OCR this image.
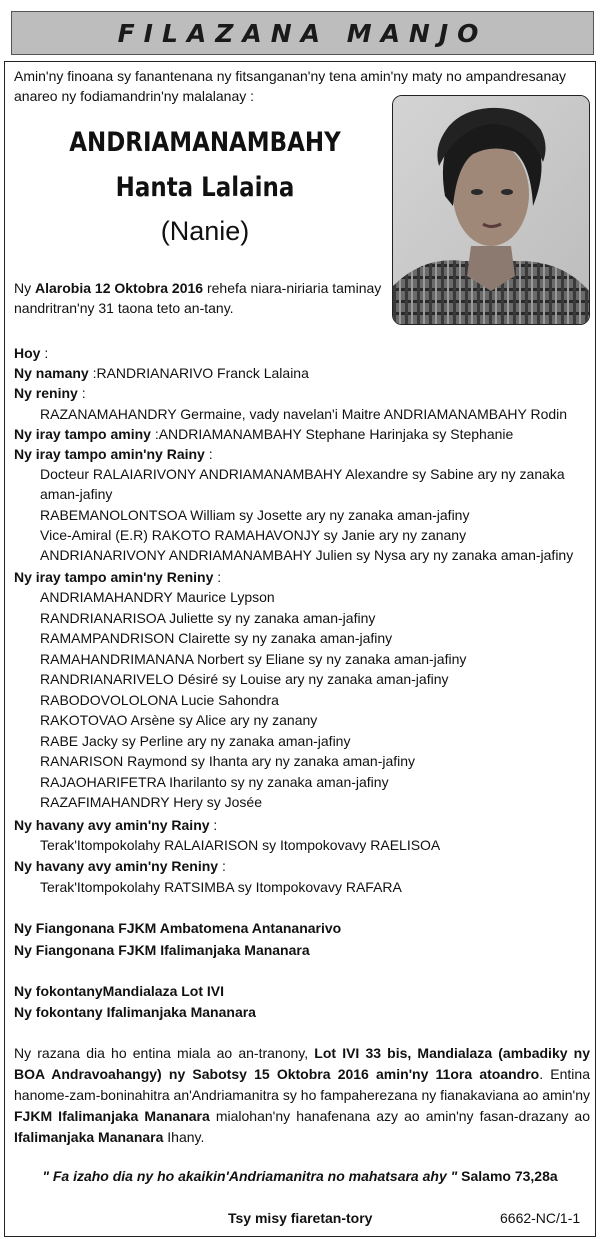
FILAZANA MANJO
Amin'ny finoana sy fanantenana ny fitsanganan'ny tena amin'ny maty no ampandresanay
anareo ny fodiamandrin'ny malalanay :
ANDRIAMANAMBAHY
Hanta Lalaina
(Nanie)
Ny Alarobia 12 Oktobra 2016 rehefa niara-niriaria taminay
nandritran'ny 31 taona teto an-tany.
Hoy :
Ny namany :RANDRIANARIVO Franck Lalaina
Ny reniny :
RAZANAMAHANDRY Germaine, vady navelan'i Maitre ANDRIAMANAMBAHY Rodin
Ny iray tampo aminy :ANDRIAMANAMBAHY Stephane Harinjaka sy Stephanie
Ny iray tampo amin'ny Rainy :
Docteur RALAIARIVONY ANDRIAMANAMBAHY Alexandre sy Sabine ary ny zanaka
aman-jafiny
RABEMANOLONTSOA William sy Josette ary ny zanaka aman-jafiny
Vice-Amiral (E.R) RAKOTO RAMAHAVONJY sy Janie ary ny zanany
ANDRIANARIVONY ANDRIAMANAMBAHY Julien sy Nysa ary ny zanaka aman-jafiny
Ny iray tampo amin'ny Reniny :
ANDRIAMAHANDRY Maurice Lypson
RANDRIANARISOA Juliette sy ny zanaka aman-jafiny
RAMAMPANDRISON Clairette sy ny zanaka aman-jafiny
RAMAHANDRIMANANA Norbert sy Eliane sy ny zanaka aman-jafiny
RANDRIANARIVELO Désiré sy Louise ary ny zanaka aman-jafiny
RABODOVOLOLONA Lucie Sahondra
RAKOTOVAO Arsène sy Alice ary ny zanany
RABE Jacky sy Perline ary ny zanaka aman-jafiny
RANARISON Raymond sy Ihanta ary ny zanaka aman-jafiny
RAJAOHARIFETRA Iharilanto sy ny zanaka aman-jafiny
RAZAFIMAHANDRY Hery sy Josée
Ny havany avy amin'ny Rainy :
Terak'Itompokolahy RALAIARISON sy Itompokovavy RAELISOA
Ny havany avy amin'ny Reniny :
Terak'Itompokolahy RATSIMBA sy Itompokovavy RAFARA
Ny Fiangonana FJKM Ambatomena Antananarivo
Ny Fiangonana FJKM Ifalimanjaka Mananara
Ny fokontanyMandialaza Lot IVI
Ny fokontany Ifalimanjaka Mananara
Ny razana dia ho entina miala ao an-tranony, Lot IVI 33 bis, Mandialaza (ambadiky ny BOA Andravoahangy) ny Sabotsy 15 Oktobra 2016 amin'ny 11ora atoandro. Entina hanome-zam-boninahitra an'Andriamanitra sy ho fampaherezana ny fianakaviana ao amin'ny FJKM Ifalimanjaka Mananara mialohan'ny hanafenana azy ao amin'ny fasan-drazany ao Ifalimanjaka Mananara Ihany.
" Fa izaho dia ny ho akaikin'Andriamanitra no mahatsara ahy " Salamo 73,28a
Tsy misy fiaretan-tory	6662-NC/1-1
